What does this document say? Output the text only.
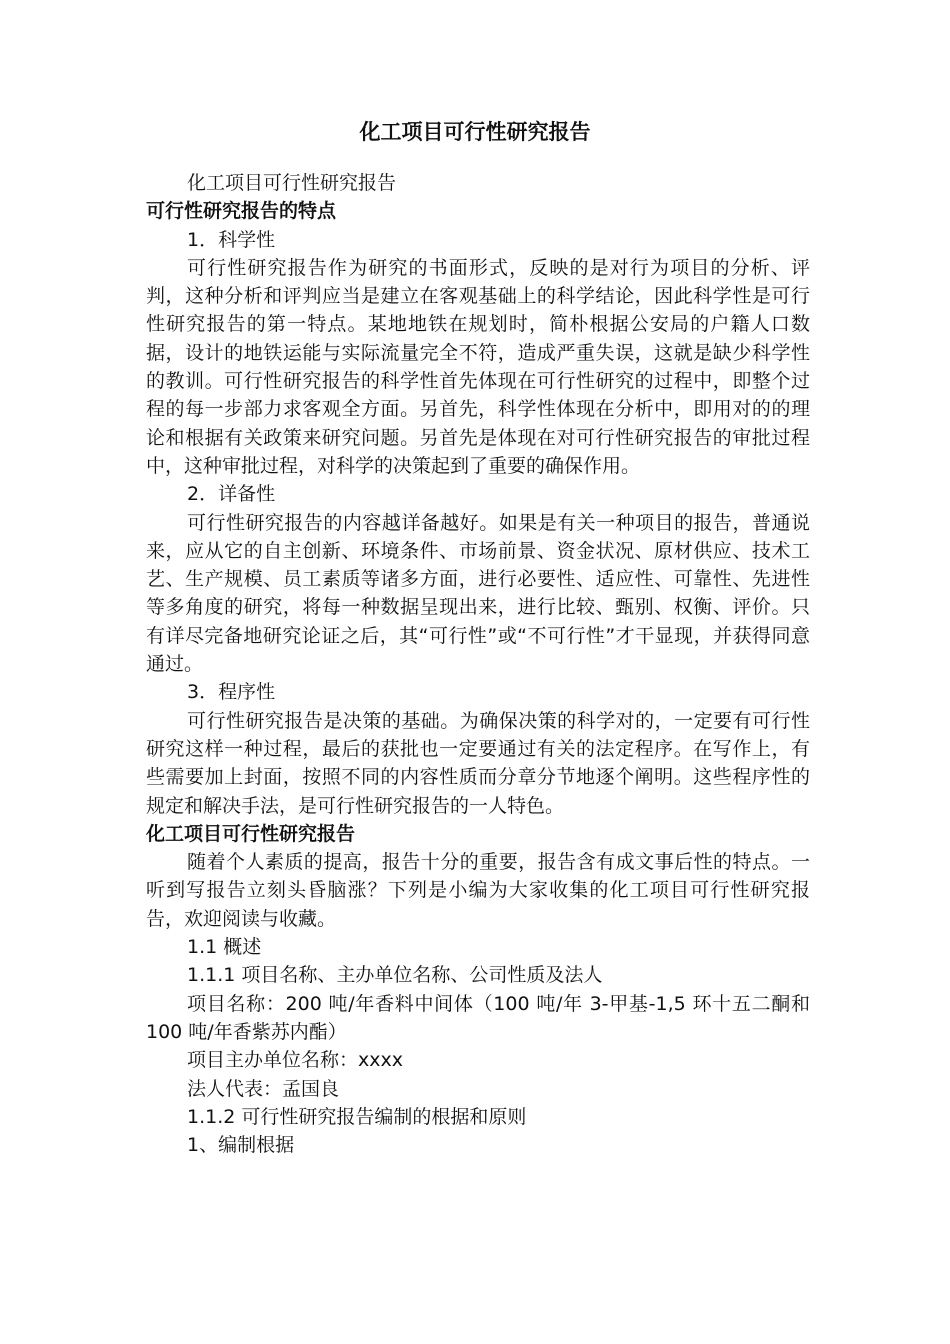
化工项目可行性研究报告

化工项目可行性研究报告

可行性研究报告的特点

1．科学性

可行性研究报告作为研究的书面形式，反映的是对行为项目的分析、评判，这种分析和评判应当是建立在客观基础上的科学结论，因此科学性是可行性研究报告的第一特点。某地地铁在规划时，简朴根据公安局的户籍人口数据，设计的地铁运能与实际流量完全不符，造成严重失误，这就是缺少科学性的教训。可行性研究报告的科学性首先体现在可行性研究的过程中，即整个过程的每一步部力求客观全方面。另首先，科学性体现在分析中，即用对的的理论和根据有关政策来研究问题。另首先是体现在对可行性研究报告的审批过程中，这种审批过程，对科学的决策起到了重要的确保作用。

2．详备性

可行性研究报告的内容越详备越好。如果是有关一种项目的报告，普通说来，应从它的自主创新、环境条件、市场前景、资金状况、原材供应、技术工艺、生产规模、员工素质等诸多方面，进行必要性、适应性、可靠性、先进性等多角度的研究，将每一种数据呈现出来，进行比较、甄别、权衡、评价。只有详尽完备地研究论证之后，其“可行性”或“不可行性”才干显现，并获得同意通过。

3．程序性

可行性研究报告是决策的基础。为确保决策的科学对的，一定要有可行性研究这样一种过程，最后的获批也一定要通过有关的法定程序。在写作上，有些需要加上封面，按照不同的内容性质而分章分节地逐个阐明。这些程序性的规定和解决手法，是可行性研究报告的一人特色。

化工项目可行性研究报告

随着个人素质的提高，报告十分的重要，报告含有成文事后性的特点。一听到写报告立刻头昏脑涨？下列是小编为大家收集的化工项目可行性研究报告，欢迎阅读与收藏。

1.1 概述

1.1.1 项目名称、主办单位名称、公司性质及法人

项目名称：200 吨/年香料中间体（100 吨/年 3-甲基-1,5 环十五二酮和 100 吨/年香紫苏内酯）

项目主办单位名称：xxxx

法人代表：孟国良

1.1.2 可行性研究报告编制的根据和原则

1、编制根据
